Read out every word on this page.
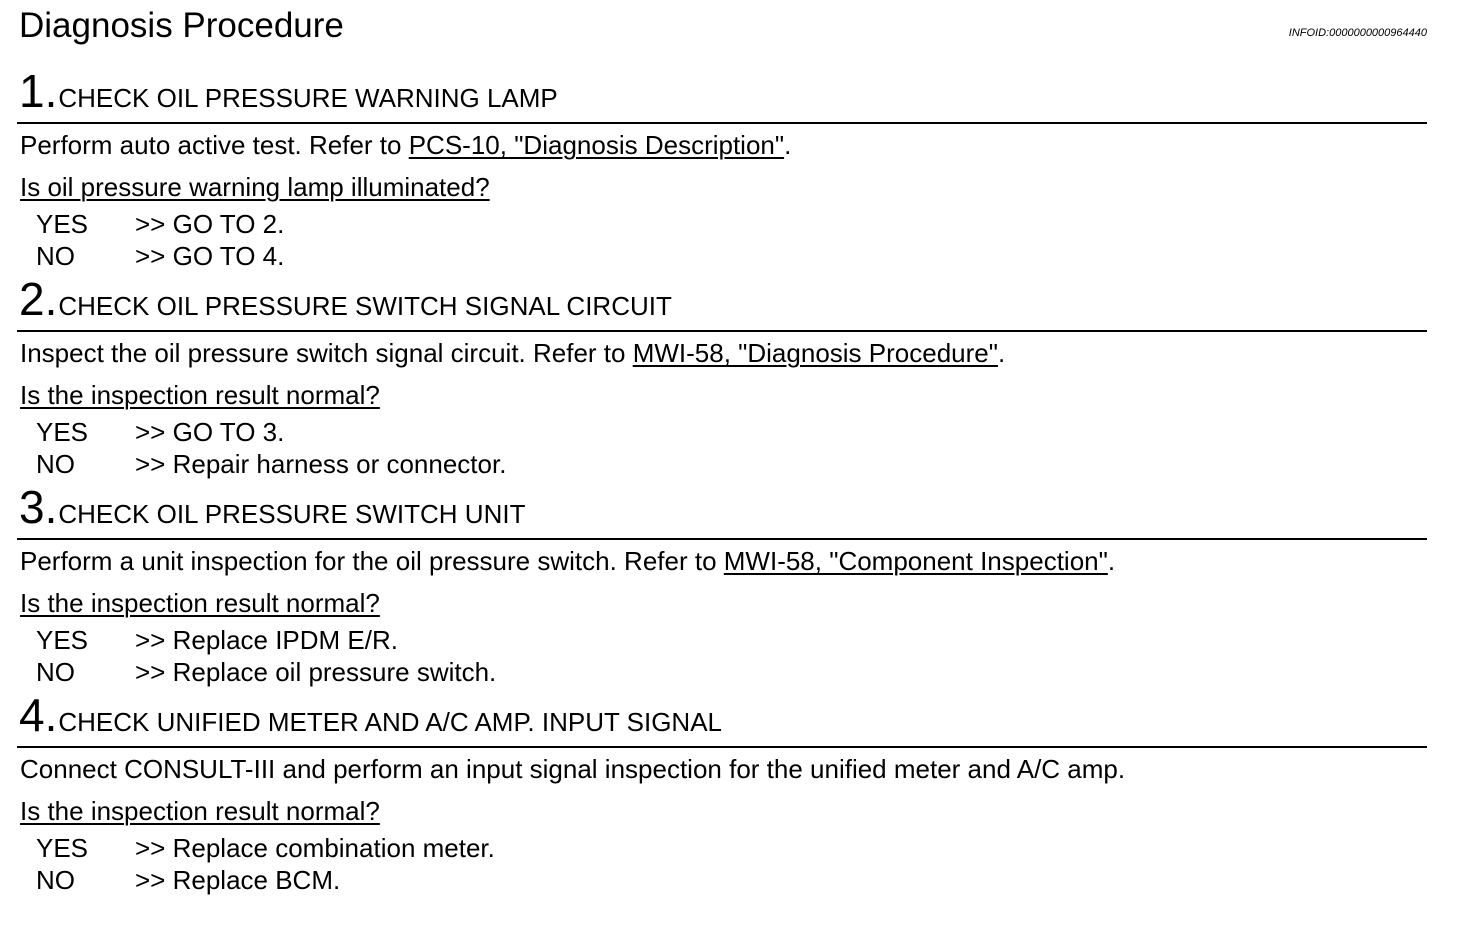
Diagnosis Procedure	INFOID:0000000000964440
1.CHECK OIL PRESSURE WARNING LAMP
Perform auto active test. Refer to PCS-10, "Diagnosis Description".
Is oil pressure warning lamp illuminated?
YES >> GO TO 2.
NO >> GO TO 4.
2.CHECK OIL PRESSURE SWITCH SIGNAL CIRCUIT
Inspect the oil pressure switch signal circuit. Refer to MWI-58, "Diagnosis Procedure".
Is the inspection result normal?
YES >> GO TO 3.
NO >> Repair harness or connector.
3.CHECK OIL PRESSURE SWITCH UNIT
Perform a unit inspection for the oil pressure switch. Refer to MWI-58, "Component Inspection".
Is the inspection result normal?
YES >> Replace IPDM E/R.
NO >> Replace oil pressure switch.
4.CHECK UNIFIED METER AND A/C AMP. INPUT SIGNAL
Connect CONSULT-III and perform an input signal inspection for the unified meter and A/C amp.
Is the inspection result normal?
YES >> Replace combination meter.
NO >> Replace BCM.
